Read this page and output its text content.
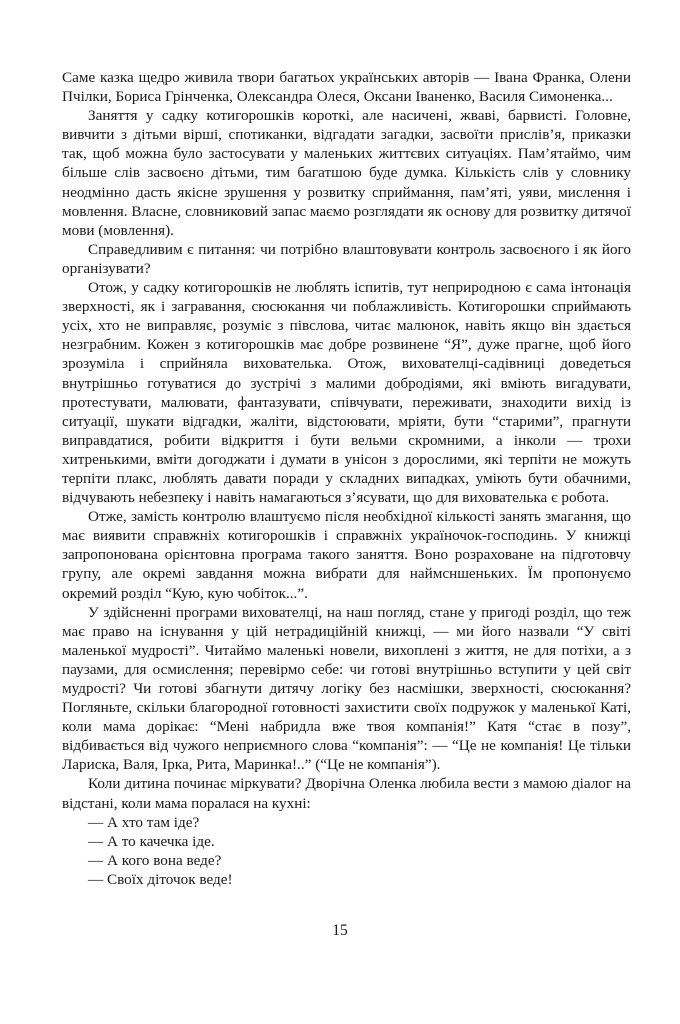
Саме казка щедро живила твори багатьох українських авторів — Івана Франка, Олени Пчілки, Бориса Грінченка, Олександра Олеся, Оксани Іваненко, Василя Симоненка...

Заняття у садку котигорошків короткі, але насичені, жваві, барвисті. Головне, вивчити з дітьми вірші, спотиканки, відгадати загадки, засвоїти прислів’я, приказки так, щоб можна було застосувати у маленьких життєвих ситуаціях. Пам’ятаймо, чим більше слів засвоєно дітьми, тим багатшою буде думка. Кількість слів у словнику неодмінно дасть якісне зрушення у розвитку сприймання, пам’яті, уяви, мислення і мовлення. Власне, словниковий запас маємо розглядати як основу для розвитку дитячої мови (мовлення).

Справедливим є питання: чи потрібно влаштовувати контроль засвоєного і як його організувати?

Отож, у садку котигорошків не люблять іспитів, тут неприродною є сама інтонація зверхності, як і загравання, сюсюкання чи поблажливість. Котигорошки сприймають усіх, хто не виправляє, розуміє з півслова, читає малюнок, навіть якщо він здається незграбним. Кожен з котигорошків має добре розвинене “Я”, дуже прагне, щоб його зрозуміла і сприйняла вихователька. Отож, вихователці-садівниці доведеться внутрішньо готуватися до зустрічі з малими добродіями, які вміють вигадувати, протестувати, малювати, фантазувати, співчувати, переживати, знаходити вихід із ситуації, шукати відгадки, жаліти, відстоювати, мріяти, бути “старими”, прагнути виправдатися, робити відкриття і бути вельми скромними, а інколи — трохи хитренькими, вміти догоджати і думати в унісон з дорослими, які терпіти не можуть терпіти плакс, люблять давати поради у складних випадках, уміють бути обачними, відчувають небезпеку і навіть намагаються з’ясувати, що для вихователька є робота.

Отже, замість контролю влаштуємо після необхідної кількості занять змагання, що має виявити справжніх котигорошків і справжніх україночок-господинь. У книжці запропонована орієнтовна програма такого заняття. Воно розраховане на підготовчу групу, але окремі завдання можна вибрати для наймсншеньких. Їм пропонуємо окремий розділ “Кую, кую чобіток...”.

У здійсненні програми вихователці, на наш погляд, стане у пригоді розділ, що теж має право на існування у цій нетрадиційній книжці, — ми його назвали “У світі маленької мудрості”. Читаймо маленькі новели, вихоплені з життя, не для потіхи, а з паузами, для осмислення; перевірмо себе: чи готові внутрішньо вступити у цей світ мудрості? Чи готові збагнути дитячу логіку без насмішки, зверхності, сюсюкання? Погляньте, скільки благородної готовності захистити своїх подружок у маленької Каті, коли мама дорікає: “Мені набридла вже твоя компанія!” Катя “стає в позу”, відбивається від чужого неприємного слова “компанія”: — “Це не компанія! Це тільки Лариска, Валя, Ірка, Рита, Маринка!..” (“Це не компанія”).

Коли дитина починає міркувати? Дворічна Оленка любила вести з мамою діалог на відстані, коли мама поралася на кухні:

— А хто там іде?

— А то качечка іде.

— А кого вона веде?

— Своїх діточок веде!

15
